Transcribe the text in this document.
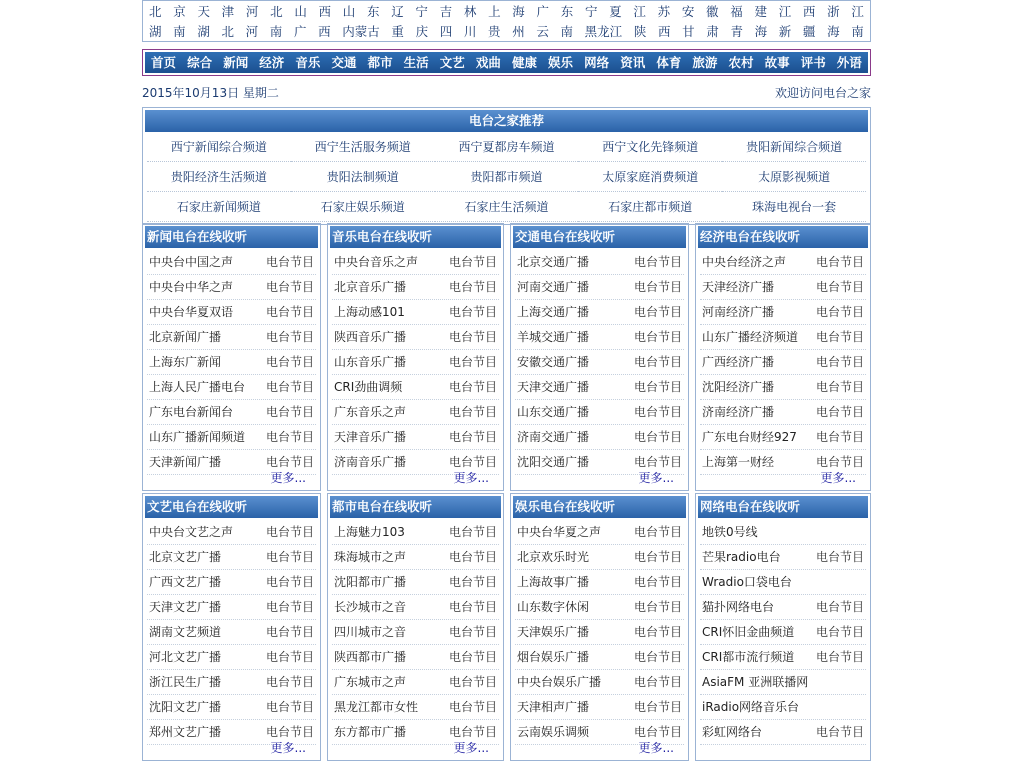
北 京 天 津 河 北 山 西 山 东 辽 宁 吉 林 上 海 广 东 宁 夏 江 苏 安 徽 福 建 江 西 浙 江
湖 南 湖 北 河 南 广 西 内蒙古 重 庆 四 川 贵 州 云 南 黑龙江 陕 西 甘 肃 青 海 新 疆 海 南
首页 综合 新闻 经济 音乐 交通 都市 生活 文艺 戏曲 健康 娱乐 网络 资讯 体育 旅游 农村 故事 评书 外语
2015年10月13日 星期二	欢迎访问电台之家
电台之家推荐
西宁新闻综合频道	西宁生活服务频道	西宁夏都房车频道	西宁文化先锋频道	贵阳新闻综合频道
贵阳经济生活频道	贵阳法制频道	贵阳都市频道	太原家庭消费频道	太原影视频道
石家庄新闻频道	石家庄娱乐频道	石家庄生活频道	石家庄都市频道	珠海电视台一套
新闻电台在线收听
中央台中国之声	电台节目
中央台中华之声	电台节目
中央台华夏双语	电台节目
北京新闻广播	电台节目
上海东广新闻	电台节目
上海人民广播电台 电台节目
广东电台新闻台	电台节目
山东广播新闻频道 电台节目
天津新闻广播	电台节目
更多...
音乐电台在线收听
中央台音乐之声	电台节目
北京音乐广播	电台节目
上海动感101	电台节目
陕西音乐广播	电台节目
山东音乐广播	电台节目
CRI劲曲调频	电台节目
广东音乐之声	电台节目
天津音乐广播	电台节目
济南音乐广播	电台节目
更多...
交通电台在线收听
北京交通广播	电台节目
河南交通广播	电台节目
上海交通广播	电台节目
羊城交通广播	电台节目
安徽交通广播	电台节目
天津交通广播	电台节目
山东交通广播	电台节目
济南交通广播	电台节目
沈阳交通广播	电台节目
更多...
经济电台在线收听
中央台经济之声 电台节目
天津经济广播	电台节目
河南经济广播	电台节目
山东广播经济频道 电台节目
广西经济广播	电台节目
沈阳经济广播	电台节目
济南经济广播	电台节目
广东电台财经927 电台节目
上海第一财经	电台节目
更多...
文艺电台在线收听
中央台文艺之声	电台节目
北京文艺广播	电台节目
广西文艺广播	电台节目
天津文艺广播	电台节目
湖南文艺频道	电台节目
河北文艺广播	电台节目
浙江民生广播	电台节目
沈阳文艺广播	电台节目
郑州文艺广播	电台节目
更多...
都市电台在线收听
上海魅力103	电台节目
珠海城市之声	电台节目
沈阳都市广播	电台节目
长沙城市之音	电台节目
四川城市之音	电台节目
陕西都市广播	电台节目
广东城市之声	电台节目
黑龙江都市女性	电台节目
东方都市广播	电台节目
更多...
娱乐电台在线收听
中央台华夏之声	电台节目
北京欢乐时光	电台节目
上海故事广播	电台节目
山东数字休闲	电台节目
天津娱乐广播	电台节目
烟台娱乐广播	电台节目
中央台娱乐广播	电台节目
天津相声广播	电台节目
云南娱乐调频	电台节目
更多...
网络电台在线收听
地铁0号线
芒果radio电台	电台节目
Wradio口袋电台
猫扑网络电台	电台节目
CRI怀旧金曲频道 电台节目
CRI都市流行频道 电台节目
AsiaFM 亚洲联播网
iRadio网络音乐台
彩虹网络台	电台节目
